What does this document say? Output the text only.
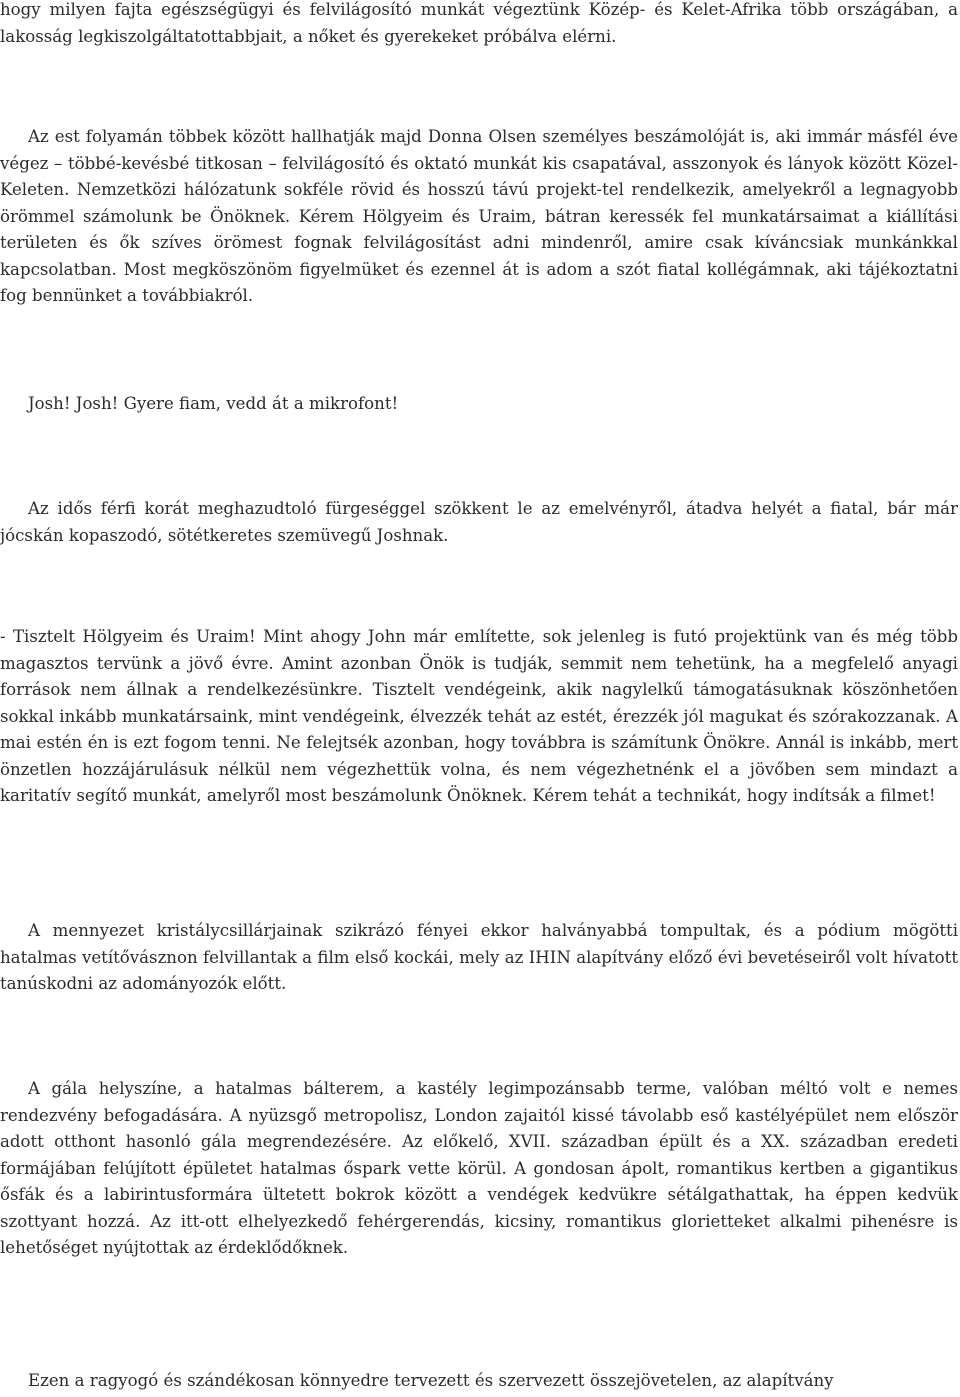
hogy milyen fajta egészségügyi és felvilágosító munkát végeztünk Közép- és Kelet-Afrika több országában, a lakosság legkiszolgáltatottabbjait, a nőket és gyerekeket próbálva elérni.

Az est folyamán többek között hallhatják majd Donna Olsen személyes beszámolóját is, aki immár másfél éve végez – többé-kevésbé titkosan – felvilágosító és oktató munkát kis csapatával, asszonyok és lányok között Közel- Keleten. Nemzetközi hálózatunk sokféle rövid és hosszú távú projekt-tel rendelkezik, amelyekről a legnagyobb örömmel számolunk be Önöknek. Kérem Hölgyeim és Uraim, bátran keressék fel munkatársaimat a kiállítási területen és ők szíves örömest fognak felvilágosítást adni mindenről, amire csak kíváncsiak munkánkkal kapcsolatban. Most megköszönöm figyelmüket és ezennel át is adom a szót fiatal kollégámnak, aki tájékoztatni fog bennünket a továbbiakról.

Josh! Josh! Gyere fiam, vedd át a mikrofont!

Az idős férfi korát meghazudtoló fürgeséggel szökkent le az emelvényről, átadva helyét a fiatal, bár már jócskán kopaszodó, sötétkeretes szemüvegű Joshnak.

- Tisztelt Hölgyeim és Uraim! Mint ahogy John már említette, sok jelenleg is futó projektünk van és még több magasztos tervünk a jövő évre. Amint azonban Önök is tudják, semmit nem tehetünk, ha a megfelelő anyagi források nem állnak a rendelkezésünkre. Tisztelt vendégeink, akik nagylelkű támogatásuknak köszönhetően sokkal inkább munkatársaink, mint vendégeink, élvezzék tehát az estét, érezzék jól magukat és szórakozzanak. A mai estén én is ezt fogom tenni. Ne felejtsék azonban, hogy továbbra is számítunk Önökre. Annál is inkább, mert önzetlen hozzájárulásuk nélkül nem végezhettük volna, és nem végezhetnénk el a jövőben sem mindazt a karitatív segítő munkát, amelyről most beszámolunk Önöknek. Kérem tehát a technikát, hogy indítsák a filmet!

A mennyezet kristálycsillárjainak szikrázó fényei ekkor halványabbá tompultak, és a pódium mögötti hatalmas vetítővásznon felvillantak a film első kockái, mely az IHIN alapítvány előző évi bevetéseiről volt hívatott tanúskodni az adományozók előtt.

A gála helyszíne, a hatalmas bálterem, a kastély legimpozánsabb terme, valóban méltó volt e nemes rendezvény befogadására. A nyüzsgő metropolisz, London zajaitól kissé távolabb eső kastélyépület nem először adott otthont hasonló gála megrendezésére. Az előkelő, XVII. században épült és a XX. században eredeti formájában felújított épületet hatalmas őspark vette körül. A gondosan ápolt, romantikus kertben a gigantikus ősfák és a labirintusformára ültetett bokrok között a vendégek kedvükre sétálgathattak, ha éppen kedvük szottyant hozzá. Az itt-ott elhelyezkedő fehérgerendás, kicsiny, romantikus glorietteket alkalmi pihenésre is lehetőséget nyújtottak az érdeklődőknek.

Ezen a ragyogó és szándékosan könnyedre tervezett és szervezett összejövetelen, az alapítvány
